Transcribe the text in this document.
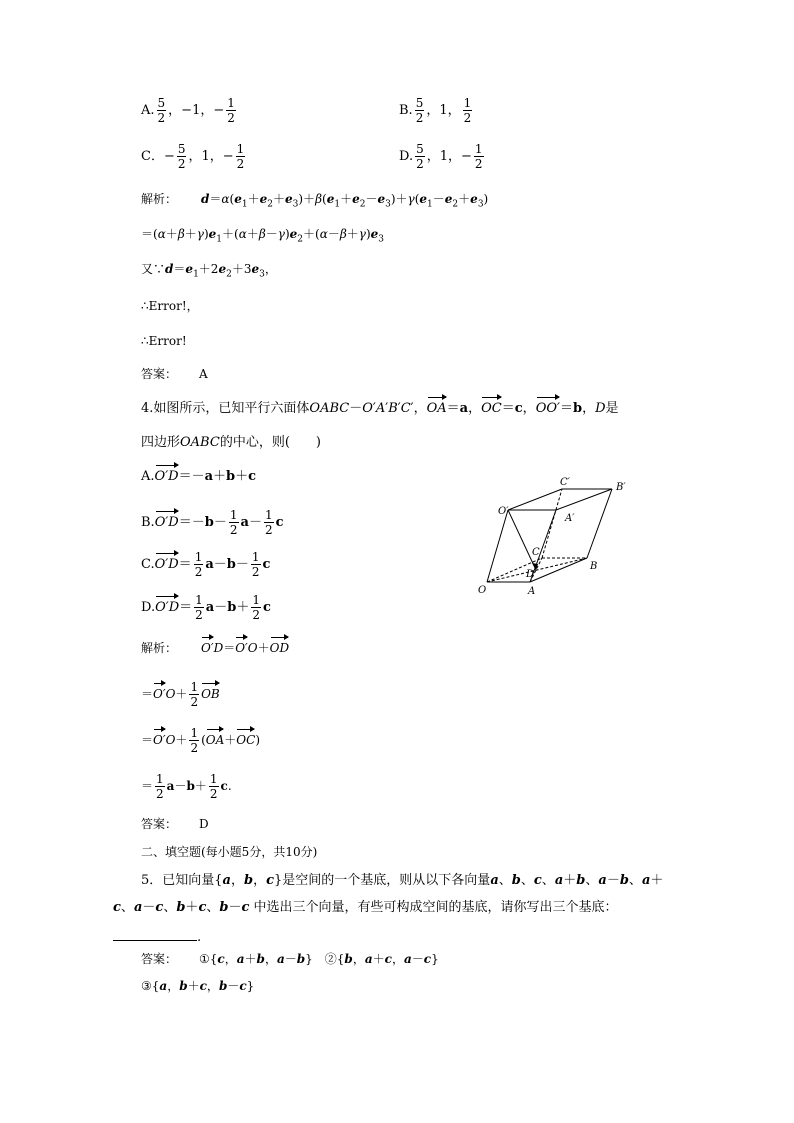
A. $\frac{5}{2}$ ，−1，− $\frac{1}{2}$	B. $\frac{5}{2}$ ，1， $\frac{1}{2}$
C．− $\frac{5}{2}$ ，1，− $\frac{1}{2}$	D. $\frac{5}{2}$ ，1，− $\frac{1}{2}$
解析： $d=\alpha(e_1+e_2+e_3)+\beta(e_1+e_2-e_3)+\gamma(e_1-e_2+e_3)$
$=(\alpha+\beta+\gamma)e_1+(\alpha+\beta-\gamma)e_2+(\alpha-\beta+\gamma)e_3$
又$\because d=e_1+2e_2+3e_3$，
∴Error!，
∴Error!
答案： A
4.如图所示，已知平行六面体OABC－O′A′B′C′，OA＝a，OC＝c，OO′＝b，D是
四边形OABC的中心，则(　　)
A.O′D＝－a＋b＋c
$B.O'D=-b- \frac{1}{2} a- \frac{1}{2}$ c
$C.O'D= \frac{1}{2} a-b- \frac{1}{2}$ c
$D.O'D= \frac{1}{2} a-b+ \frac{1}{2}$ c
C′	B′
O′
A′
C
D
B
O	A
解析： O′D＝O′O＋OD
$=O'O+ \frac{1}{2}$ OB
$=O'O+ \frac{1}{2} (OA+OC)$
＝ $\frac{1}{2} a-b+ \frac{1}{2} c$.
答案： D
二、填空题(每小题5分，共10分)
5．已知向量{a，b，c}是空间的一个基底，则从以下各向量a、b、c、a＋b、a－b、a＋
c、a－c、b＋c、b－c 中选出三个向量，有些可构成空间的基底，请你写出三个基底：
.
答案： ①{c，a＋b，a－b}　②{b，a＋c，a－c}
③{a，b＋c，b－c}
